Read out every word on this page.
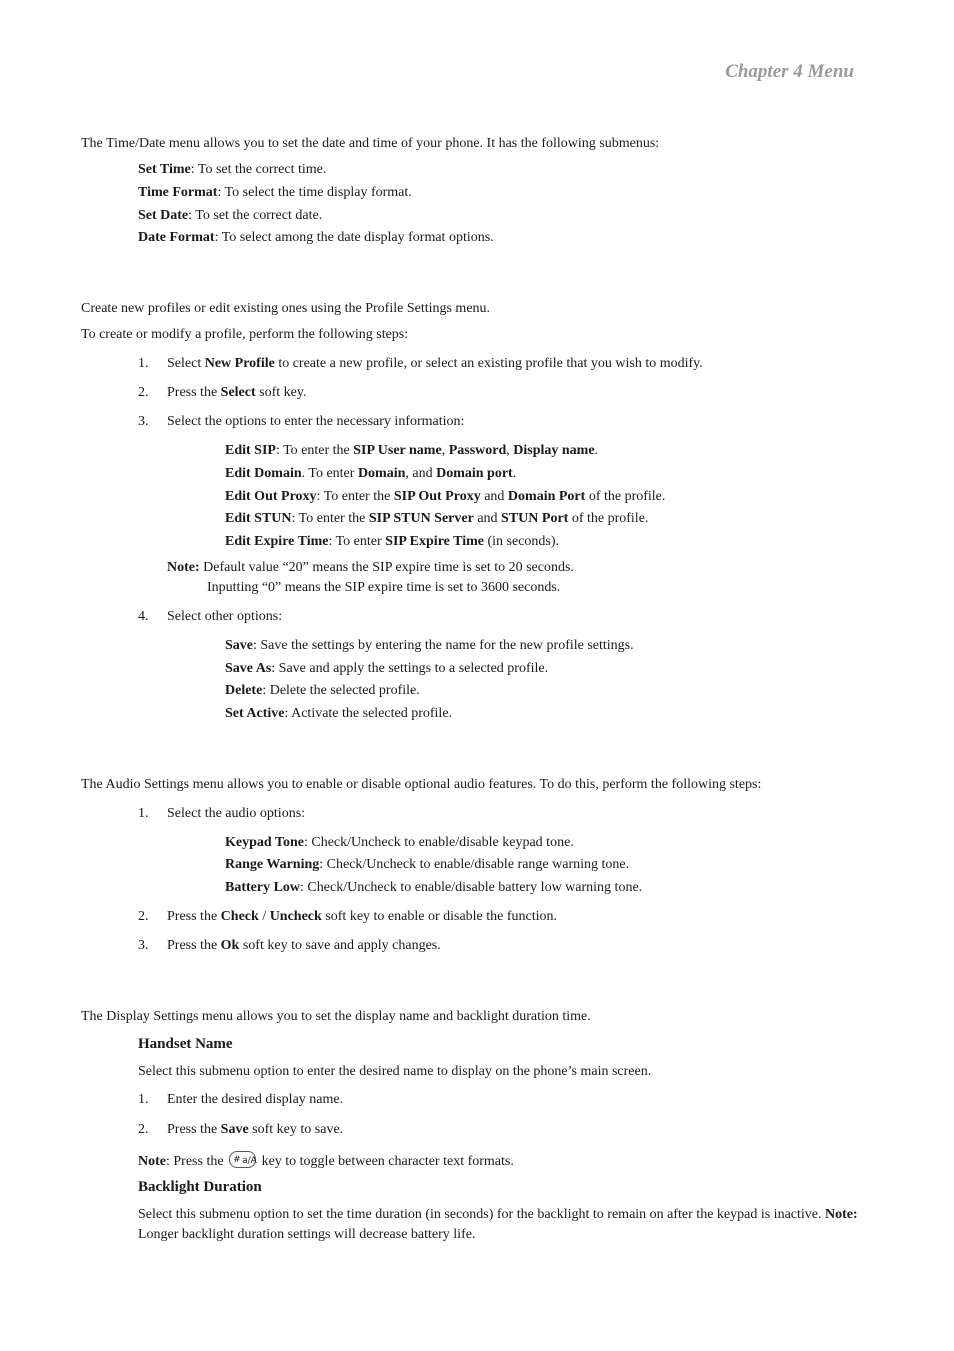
Chapter 4 Menu
The Time/Date menu allows you to set the date and time of your phone. It has the following submenus:
Set Time: To set the correct time.
Time Format: To select the time display format.
Set Date: To set the correct date.
Date Format: To select among the date display format options.
Create new profiles or edit existing ones using the Profile Settings menu.
To create or modify a profile, perform the following steps:
1.	Select New Profile to create a new profile, or select an existing profile that you wish to modify.
2.	Press the Select soft key.
3.	Select the options to enter the necessary information:
Edit SIP: To enter the SIP User name, Password, Display name.
Edit Domain. To enter Domain, and Domain port.
Edit Out Proxy: To enter the SIP Out Proxy and Domain Port of the profile.
Edit STUN: To enter the SIP STUN Server and STUN Port of the profile.
Edit Expire Time: To enter SIP Expire Time (in seconds).
Note: Default value “20” means the SIP expire time is set to 20 seconds.
Inputting “0” means the SIP expire time is set to 3600 seconds.
4.	Select other options:
Save: Save the settings by entering the name for the new profile settings.
Save As: Save and apply the settings to a selected profile.
Delete: Delete the selected profile.
Set Active: Activate the selected profile.
The Audio Settings menu allows you to enable or disable optional audio features. To do this, perform the following steps:
1.	Select the audio options:
Keypad Tone: Check/Uncheck to enable/disable keypad tone.
Range Warning: Check/Uncheck to enable/disable range warning tone.
Battery Low: Check/Uncheck to enable/disable battery low warning tone.
2.	Press the Check / Uncheck soft key to enable or disable the function.
3.	Press the Ok soft key to save and apply changes.
The Display Settings menu allows you to set the display name and backlight duration time.
Handset Name
Select this submenu option to enter the desired name to display on the phone’s main screen.
1.	Enter the desired display name.
2.	Press the Save soft key to save.
Note: Press the # a/A key to toggle between character text formats.
Backlight Duration
Select this submenu option to set the time duration (in seconds) for the backlight to remain on after the keypad is inactive. Note: Longer backlight duration settings will decrease battery life.
